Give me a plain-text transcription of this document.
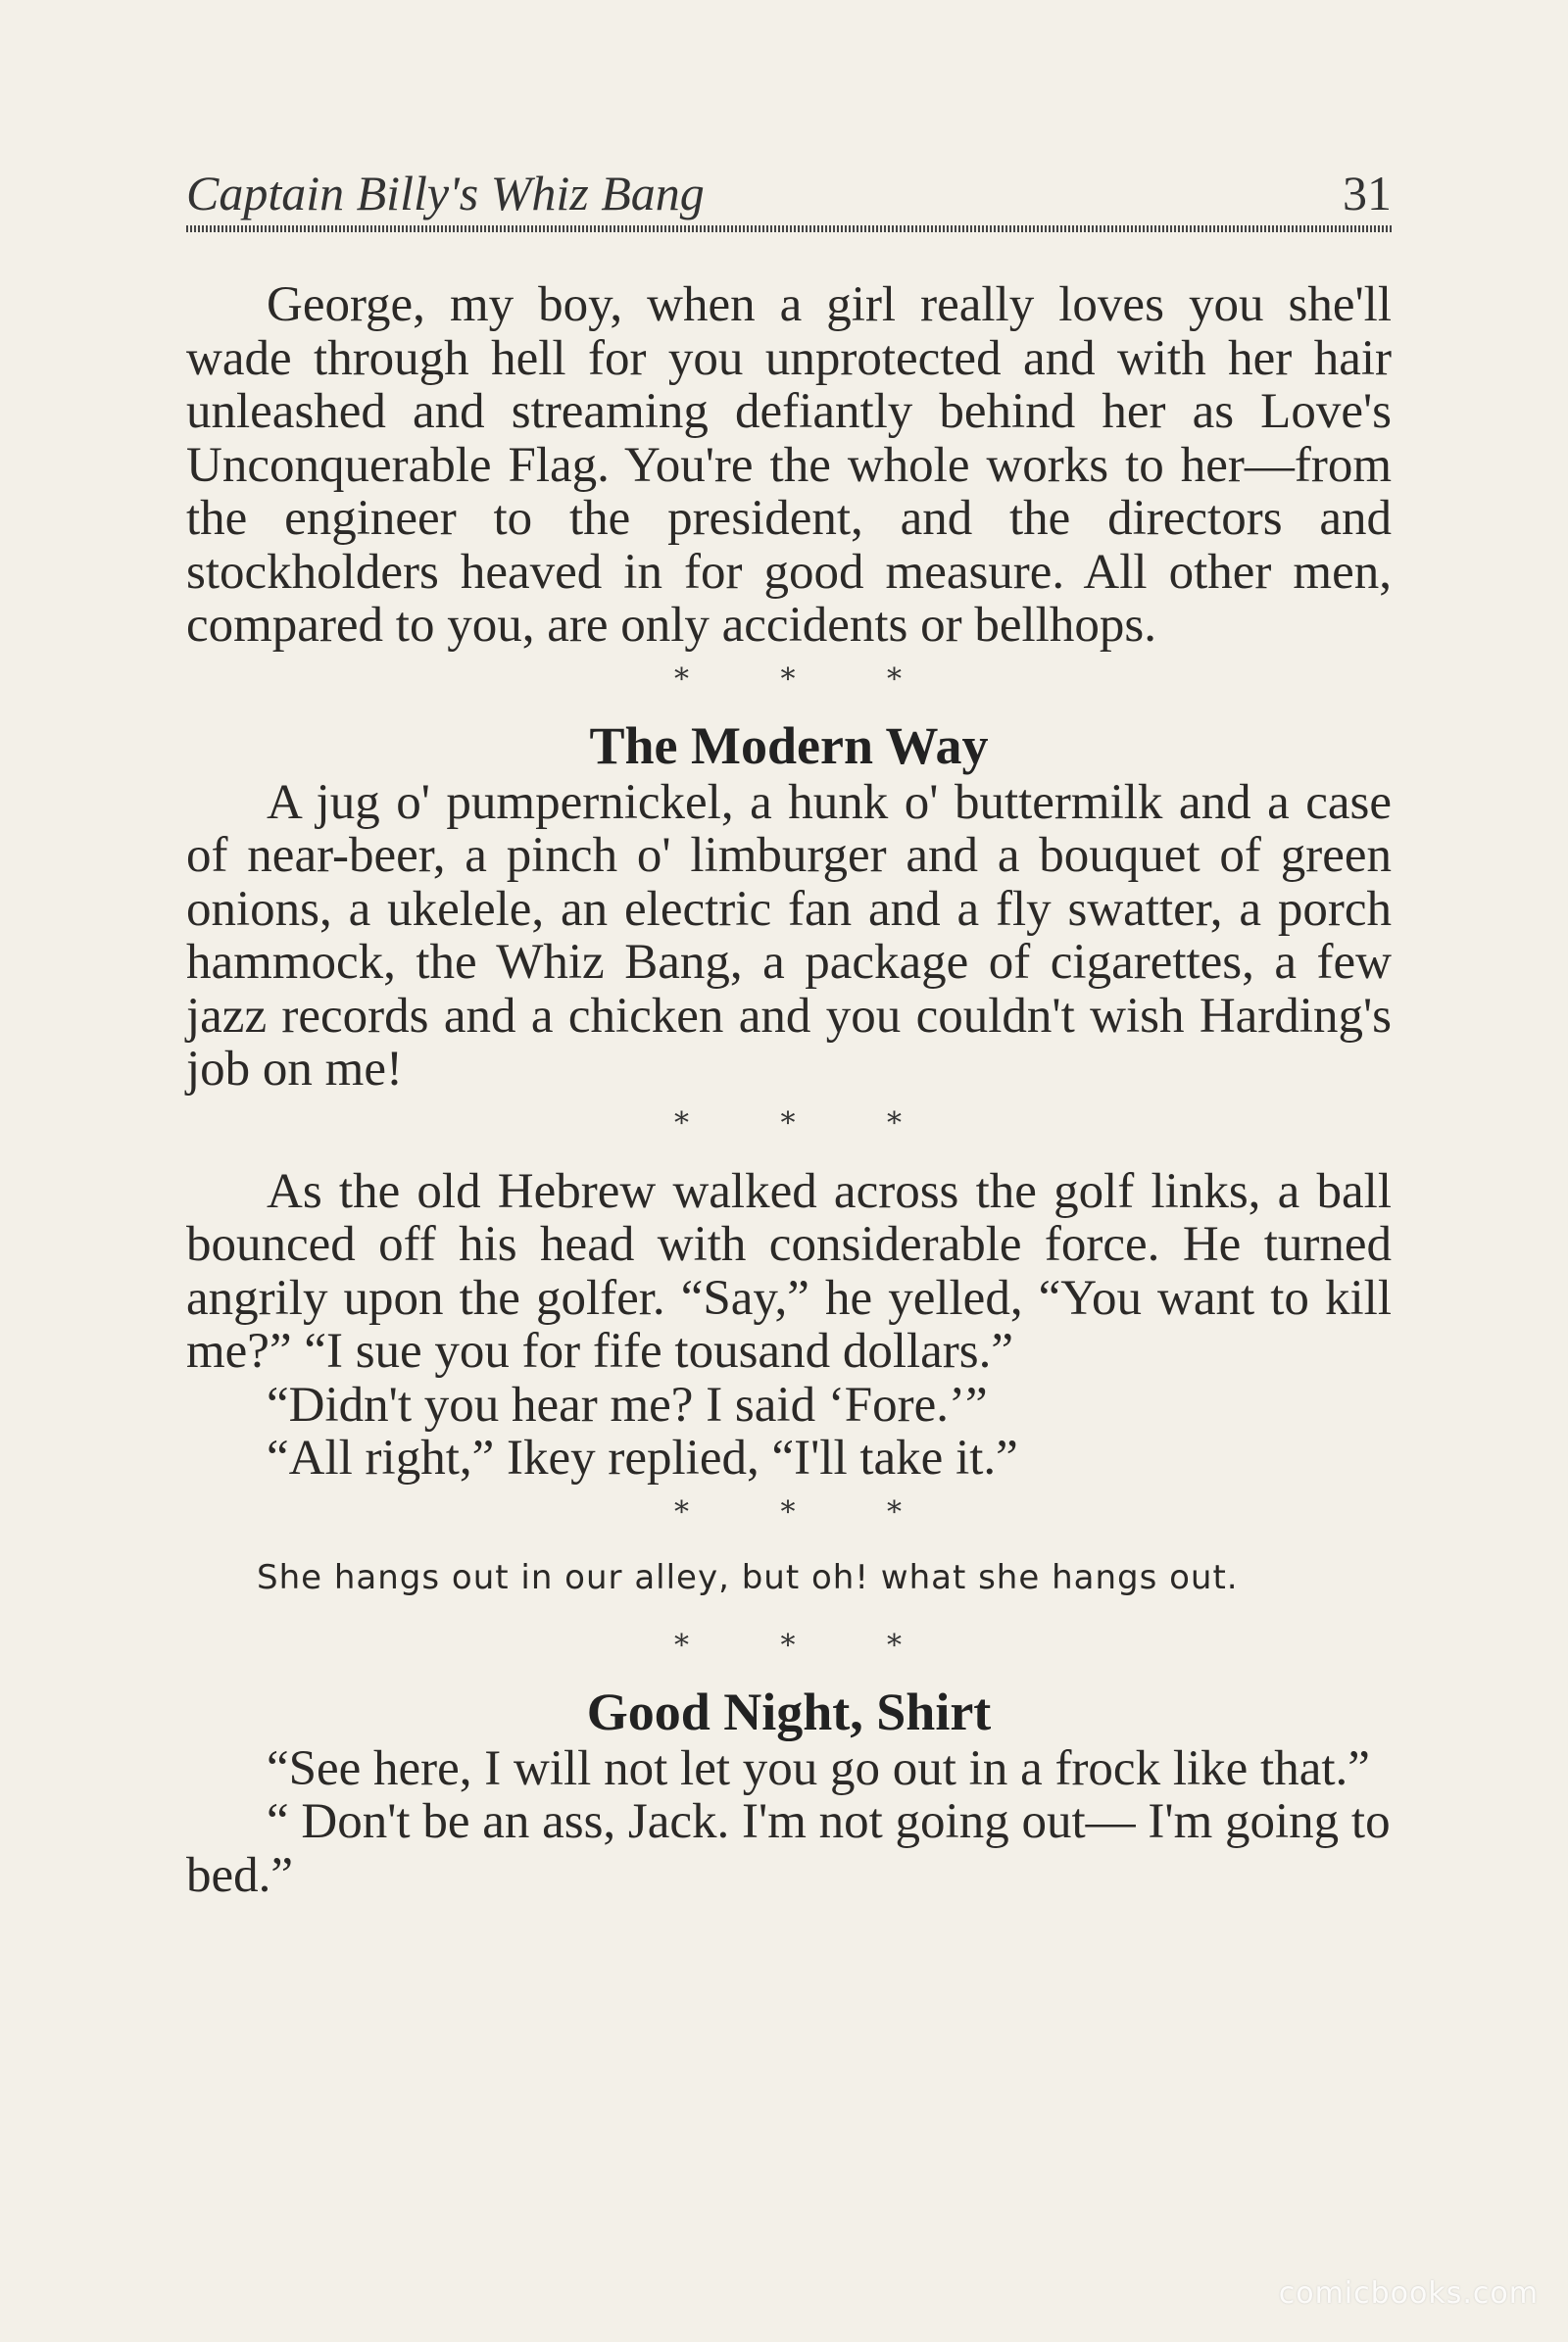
Captain Billy's Whiz Bang	31

George, my boy, when a girl really loves you she'll wade through hell for you unprotected and with her hair unleashed and streaming defiantly behind her as Love's Unconquerable Flag. You're the whole works to her—from the engineer to the president, and the directors and stockholders heaved in for good measure. All other men, compared to you, are only accidents or bellhops.

* * *
The Modern Way

A jug o' pumpernickel, a hunk o' buttermilk and a case of near-beer, a pinch o' limburger and a bouquet of green onions, a ukelele, an electric fan and a fly swatter, a porch hammock, the Whiz Bang, a package of cigarettes, a few jazz records and a chicken and you couldn't wish Harding's job on me!

* * *

As the old Hebrew walked across the golf links, a ball bounced off his head with considerable force. He turned angrily upon the golfer. “Say,” he yelled, “You want to kill me?” “I sue you for fife tousand dollars.”

“Didn't you hear me? I said ‘Fore.’”

“All right,” Ikey replied, “I'll take it.”

* * *

She hangs out in our alley, but oh! what she hangs out.

* * *
Good Night, Shirt

“See here, I will not let you go out in a frock like that.”

“ Don't be an ass, Jack. I'm not going out— I'm going to bed.”

comicbooks.com
